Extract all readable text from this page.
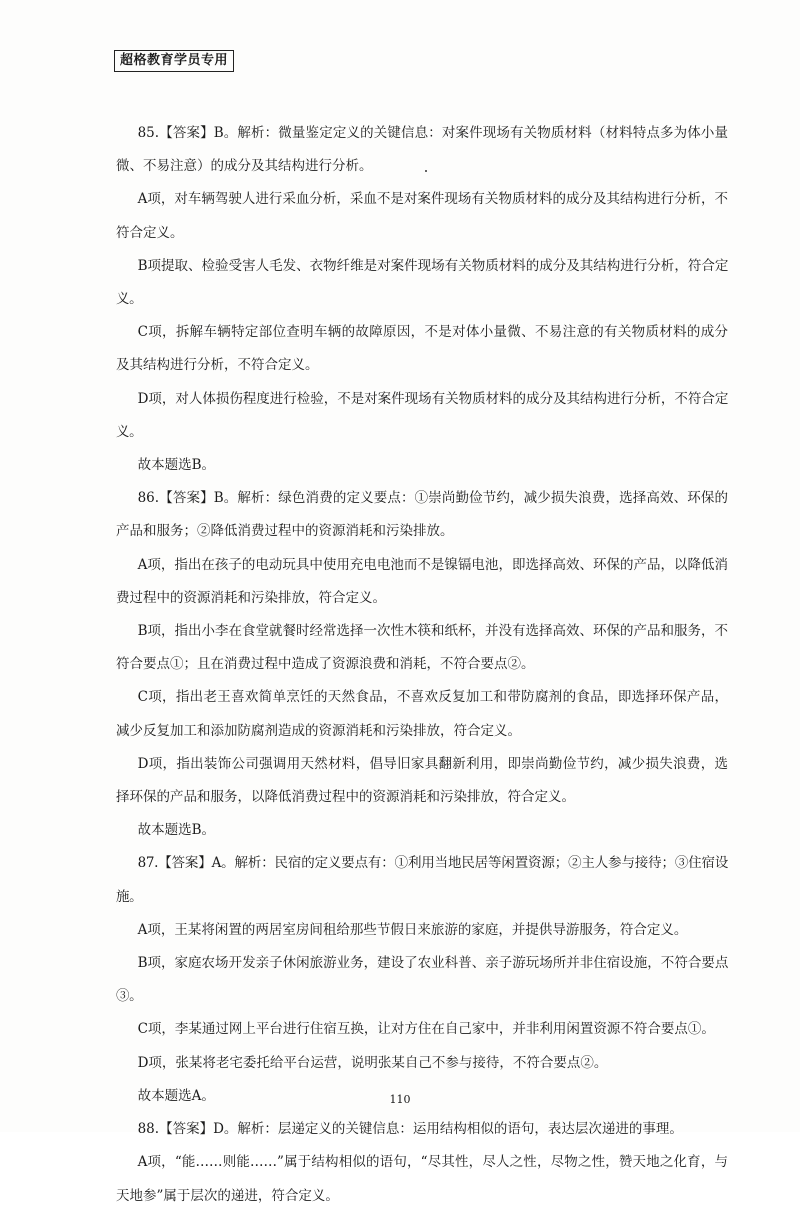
超格教育学员专用

85.【答案】B。解析：微量鉴定定义的关键信息：对案件现场有关物质材料（材料特点多为体小量微、不易注意）的成分及其结构进行分析。

A项，对车辆驾驶人进行采血分析，采血不是对案件现场有关物质材料的成分及其结构进行分析，不符合定义。

B项提取、检验受害人毛发、衣物纤维是对案件现场有关物质材料的成分及其结构进行分析，符合定义。

C项，拆解车辆特定部位查明车辆的故障原因，不是对体小量微、不易注意的有关物质材料的成分及其结构进行分析，不符合定义。

D项，对人体损伤程度进行检验，不是对案件现场有关物质材料的成分及其结构进行分析，不符合定义。

故本题选B。

86.【答案】B。解析：绿色消费的定义要点：①崇尚勤俭节约，减少损失浪费，选择高效、环保的产品和服务；②降低消费过程中的资源消耗和污染排放。

A项，指出在孩子的电动玩具中使用充电电池而不是镍镉电池，即选择高效、环保的产品，以降低消费过程中的资源消耗和污染排放，符合定义。

B项，指出小李在食堂就餐时经常选择一次性木筷和纸杯，并没有选择高效、环保的产品和服务，不符合要点①；且在消费过程中造成了资源浪费和消耗，不符合要点②。

C项，指出老王喜欢简单烹饪的天然食品，不喜欢反复加工和带防腐剂的食品，即选择环保产品，减少反复加工和添加防腐剂造成的资源消耗和污染排放，符合定义。

D项，指出装饰公司强调用天然材料，倡导旧家具翻新利用，即崇尚勤俭节约，减少损失浪费，选择环保的产品和服务，以降低消费过程中的资源消耗和污染排放，符合定义。

故本题选B。

87.【答案】A。解析：民宿的定义要点有：①利用当地民居等闲置资源；②主人参与接待；③住宿设施。

A项，王某将闲置的两居室房间租给那些节假日来旅游的家庭，并提供导游服务，符合定义。

B项，家庭农场开发亲子休闲旅游业务，建设了农业科普、亲子游玩场所并非住宿设施，不符合要点③。

C项，李某通过网上平台进行住宿互换，让对方住在自己家中，并非利用闲置资源不符合要点①。

D项，张某将老宅委托给平台运营，说明张某自己不参与接待，不符合要点②。

故本题选A。

88.【答案】D。解析：层递定义的关键信息：运用结构相似的语句，表达层次递进的事理。

A项，“能……则能……”属于结构相似的语句，“尽其性，尽人之性，尽物之性，赞天地之化育，与天地参”属于层次的递进，符合定义。

110
